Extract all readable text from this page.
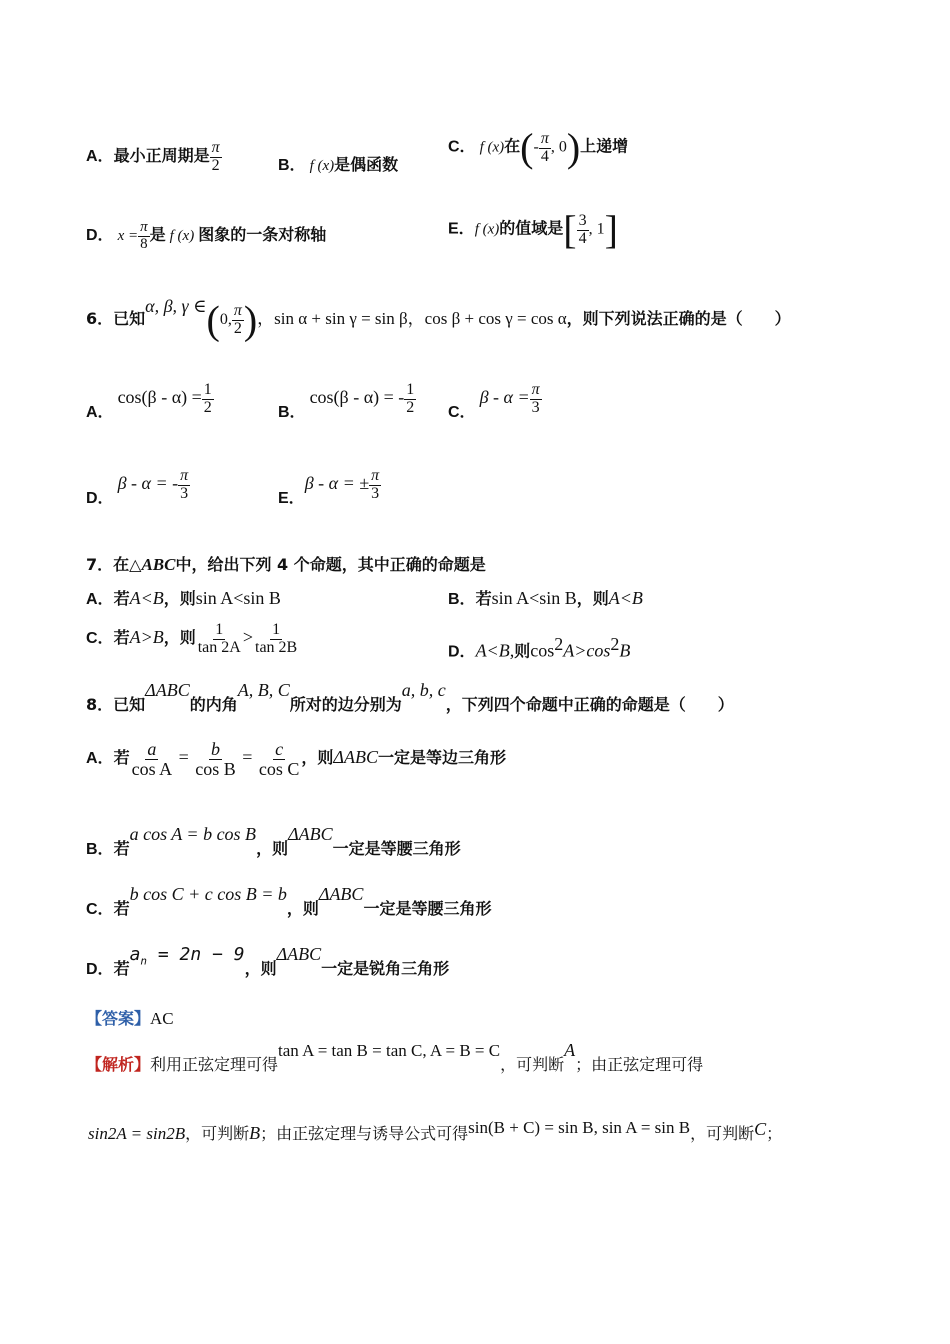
A．最小正周期是 $\frac{\pi}{2}$	B． f (x)是偶函数
C． f (x)在(- $\frac{\pi}{4}$ , 0)上递增
D． $x = \frac{\pi}{8}$ 是 f (x) 图象的一条对称轴	E．f (x)的值域是[ $\frac{3}{4}$ , 1]
6．已知α, β, γ ∈(0, $\frac{\pi}{2}$ )，sin α + sin γ = sin β，cos β + cos γ = cos α，则下列说法正确的是（　　）
A． $\cos(\beta - \alpha) = \frac{1}{2}$	B． cos(β - α) = - $\frac{1}{2}$ C． $\beta - \alpha = \frac{\pi}{3}$
D． β - α = - $\frac{\pi}{3}$	E．β - α = ± $\frac{\pi}{3}$
7．在△ABC中，给出下列 4 个命题，其中正确的命题是
A．若A<B，则sin A<sin B	B．若sin A<sin B，则A<B
C．若A>B，则 $\frac{1}{\tan 2A} > \frac{1}{\tan 2B}$	D．A<B,则$\cos^2A>\cos^2B$
8．已知ΔABC的内角A, B, C所对的边分别为a, b, c，下列四个命题中正确的命题是（　　）
A．若 $\frac{a}{\text{cos A}} = \frac{b}{\text{cos B}} = \frac{c}{\text{cos C}}$ ，则ΔABC一定是等边三角形
B．若a cos A = b cos B，则ΔABC一定是等腰三角形
C．若b cos C + c cos B = b，则ΔABC一定是等腰三角形
D．若$a_n = 2n - 9$，则ΔABC一定是锐角三角形
【答案】AC
【解析】利用正弦定理可得tan A = tan B = tan C, A = B = C，可判断A；由正弦定理可得
sin2A = sin2B，可判断B；由正弦定理与诱导公式可得sin(B + C) = sin B, sin A = sin B，可判断C；
